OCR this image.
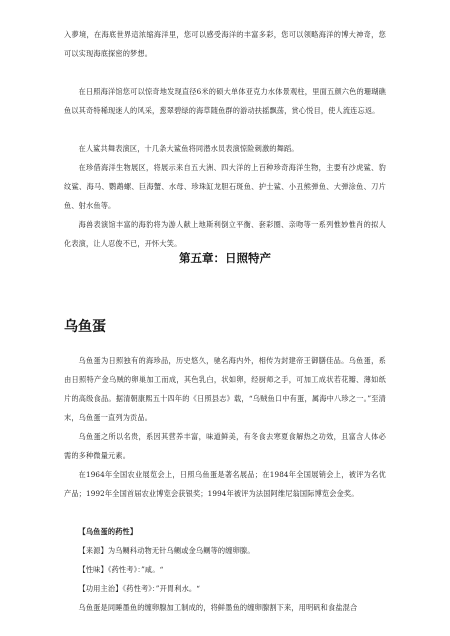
入夢境，在海底世界這浓缩海洋里，您可以感受海洋的丰富多彩，您可以领略海洋的博大神奇，您可以实现海底探密的梦想。

在日照海洋馆您可以惊奇地发现直径6米的硕大单体亚克力水体景观柱，里面五颜六色的珊瑚礁鱼以其奇特稀现迷人的风采，葱翠碧绿的海草随鱼群的游动扶摇飘荡，赏心悦目，使人流连忘返。

在人鲨共舞表演区，十几条大鲨鱼将同潜水员表演惊险刺激的舞蹈。

在珍借海洋生物展区，将展示来自五大洲、四大洋的上百种珍奇海洋生物，主要有沙虎鲨、豹纹鲨、海马、鹦鹉螺、巨海蟹、水母、珍珠缸龙胆石斑鱼、护士鲨、小丑熊弹鱼、大弹涂鱼、刀片鱼、射水鱼等。

海兽表演馆丰富的海豹将为游人献上地斯利倒立平衡、套彩圈、亲吻等一系列惟妙惟肖的拟人化表演，让人忍俊不已，开怀大笑。

第五章：日照特产
乌鱼蛋

乌鱼蛋为日照独有的海珍品，历史悠久，驰名海内外，相传为封建帝王御膳佳品。乌鱼蛋，系由日照特产金乌贼的卵巢加工而成，其色乳白，状如卵，经厨师之手，可加工成状若花瓣、薄如纸片的高级食品。据清朝康熙五十四年的《日照县志》载，“乌贼鱼口中有蛋，属海中八珍之一。”至清末，乌鱼蛋一直列为贡品。

乌鱼蛋之所以名贵，系因其营养丰富，味道鲜美，有冬食去寒夏食解热之功效，且富含人体必需的多种微量元素。

在1964年全国农业展览会上，日照乌鱼蛋是著名展品；在1984年全国展销会上，被评为名优产品；1992年全国首届农业博览会获银奖；1994年被评为法国阿维尼翁国际博览会金奖。

【乌鱼蛋的药性】

【来源】为乌鲗科动物无针乌鲗或金乌鲗等的缠卵腺。

【性味】《药性考》：”咸。“

【功用主治】《药性考》：”开胃利水。“

乌鱼蛋是同睡墨鱼的缠卵腺加工制成的，将鲜墨鱼的缠卵腺割下来，用明矾和食盐混合
